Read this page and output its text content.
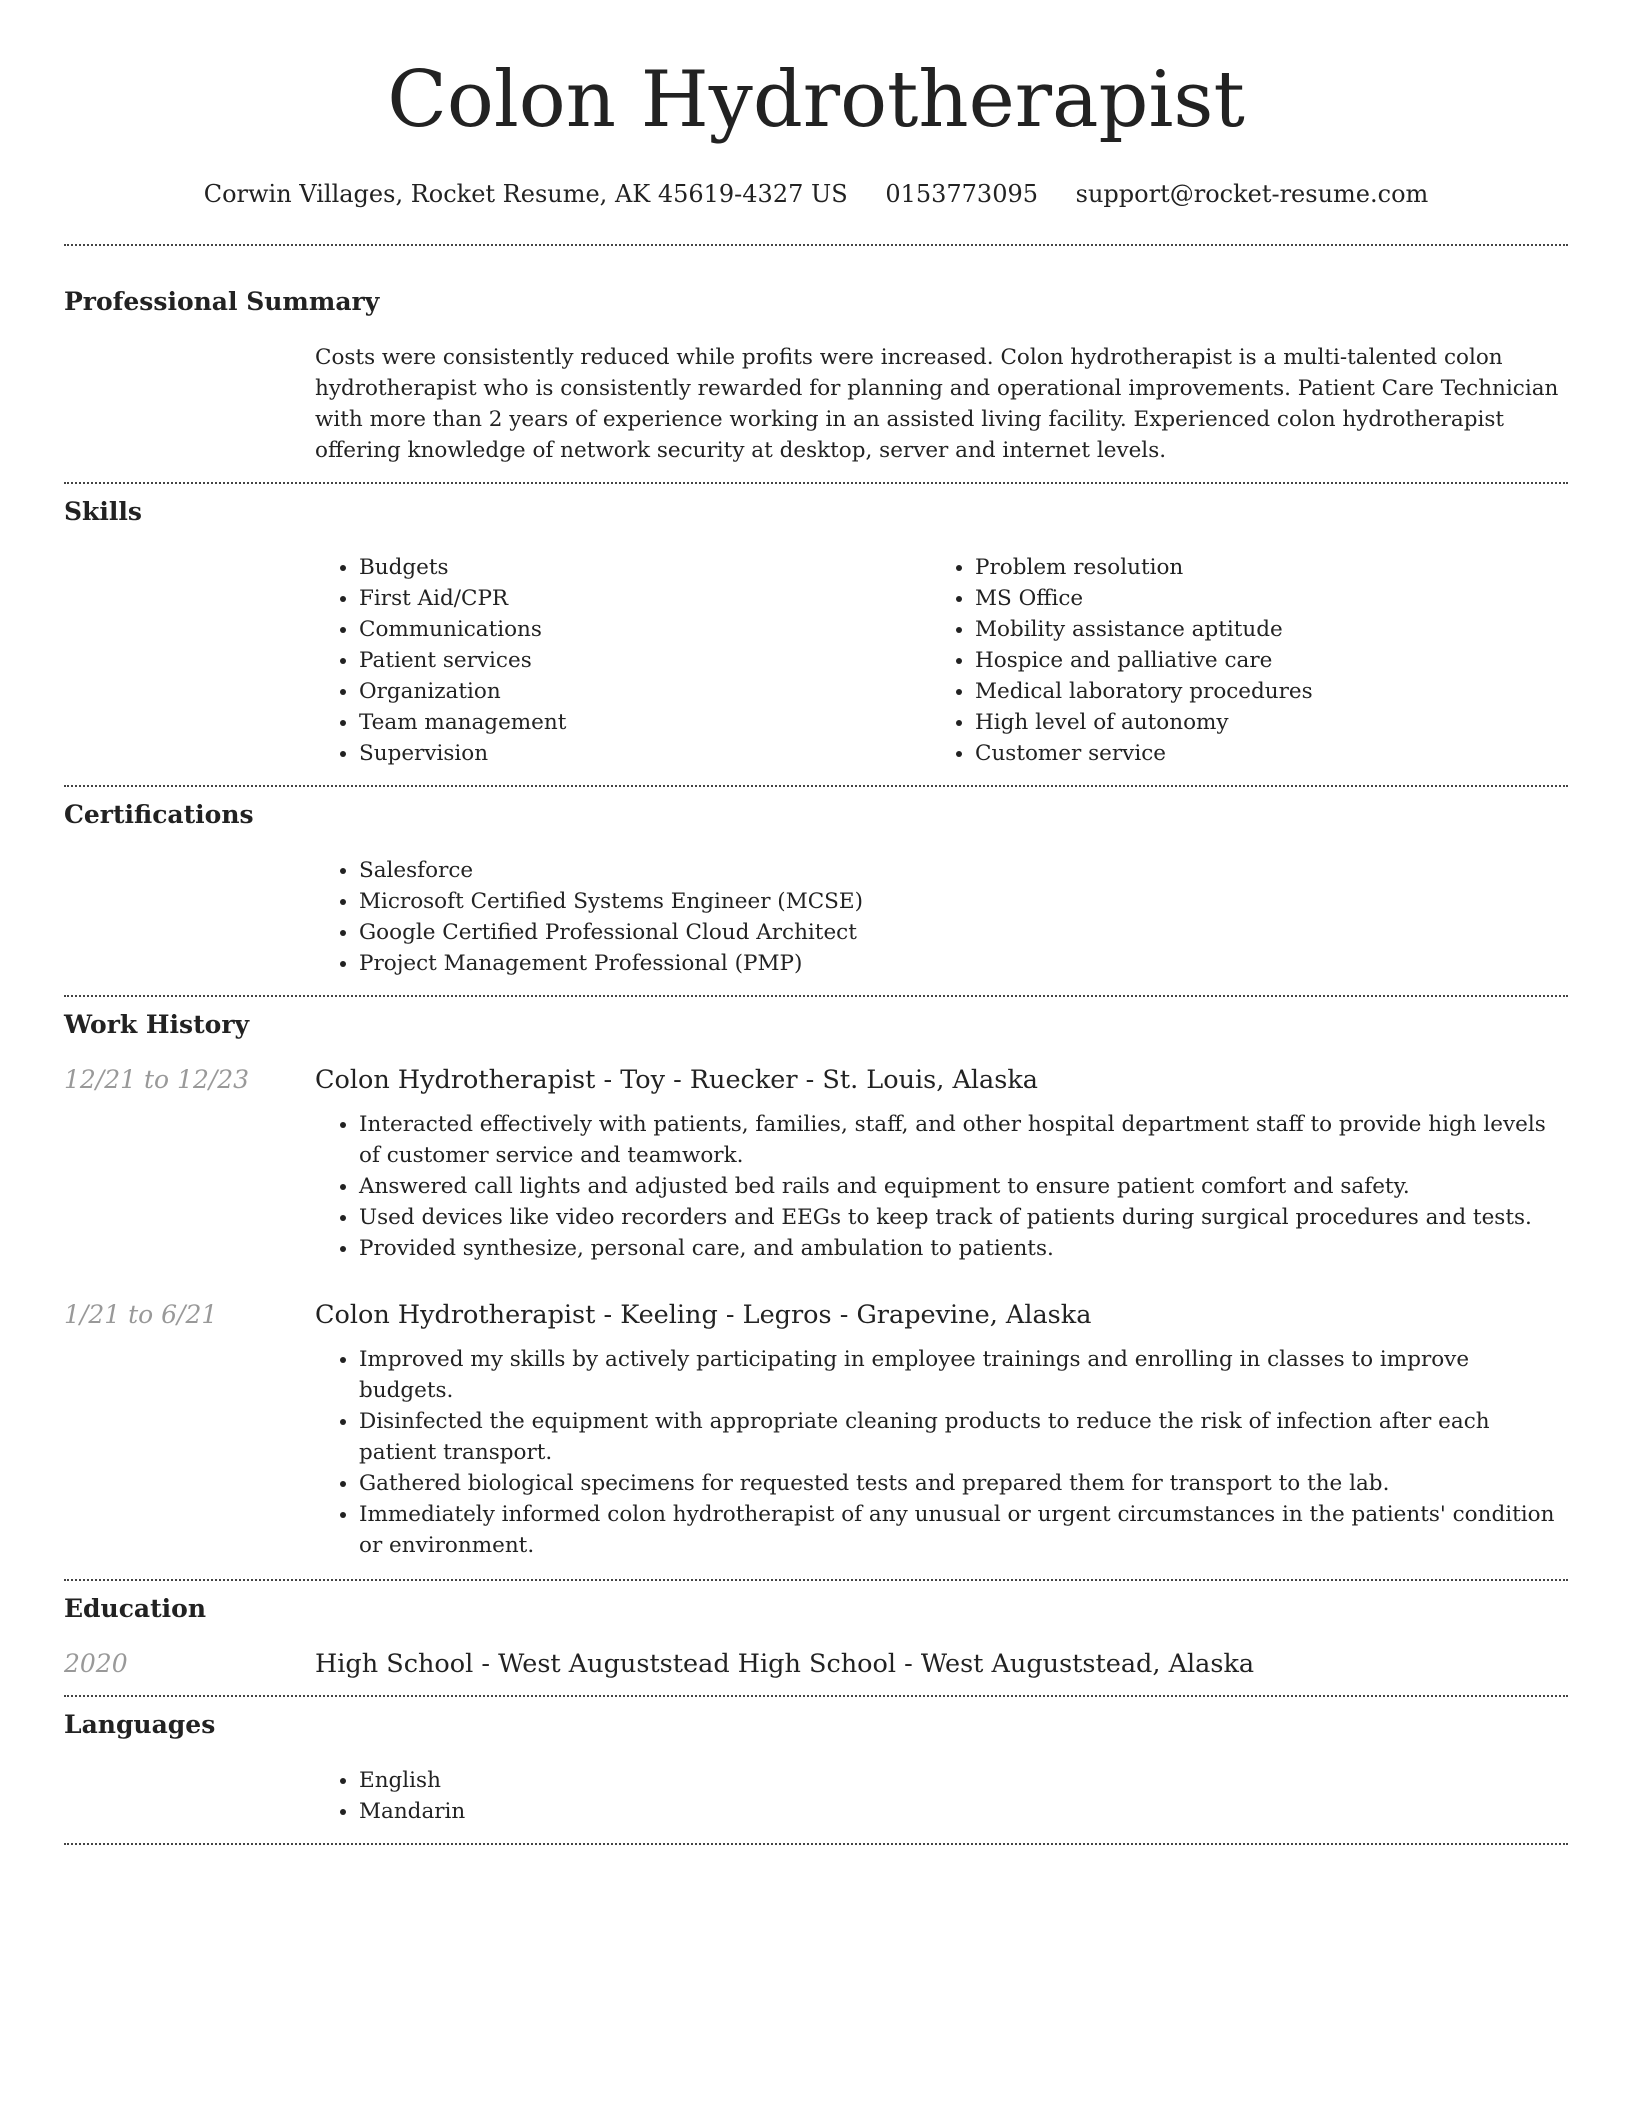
Colon Hydrotherapist
Corwin Villages, Rocket Resume, AK 45619-4327 US 0153773095 support@rocket-resume.com
Professional Summary
Costs were consistently reduced while profits were increased. Colon hydrotherapist is a multi-talented colon hydrotherapist who is consistently rewarded for planning and operational improvements. Patient Care Technician with more than 2 years of experience working in an assisted living facility. Experienced colon hydrotherapist offering knowledge of network security at desktop, server and internet levels.
Skills
• Budgets
• First Aid/CPR
• Communications
• Patient services
• Organization
• Team management
• Supervision
• Problem resolution
• MS Office
• Mobility assistance aptitude
• Hospice and palliative care
• Medical laboratory procedures
• High level of autonomy
• Customer service
Certifications
• Salesforce
• Microsoft Certified Systems Engineer (MCSE)
• Google Certified Professional Cloud Architect
• Project Management Professional (PMP)
Work History
12/21 to 12/23	Colon Hydrotherapist - Toy - Ruecker - St. Louis, Alaska
• Interacted effectively with patients, families, staff, and other hospital department staff to provide high levels of customer service and teamwork.
• Answered call lights and adjusted bed rails and equipment to ensure patient comfort and safety.
• Used devices like video recorders and EEGs to keep track of patients during surgical procedures and tests.
• Provided synthesize, personal care, and ambulation to patients.
1/21 to 6/21	Colon Hydrotherapist - Keeling - Legros - Grapevine, Alaska
• Improved my skills by actively participating in employee trainings and enrolling in classes to improve budgets.
• Disinfected the equipment with appropriate cleaning products to reduce the risk of infection after each patient transport.
• Gathered biological specimens for requested tests and prepared them for transport to the lab.
• Immediately informed colon hydrotherapist of any unusual or urgent circumstances in the patients' condition or environment.
Education
2020	High School - West Auguststead High School - West Auguststead, Alaska
Languages
• English
• Mandarin
